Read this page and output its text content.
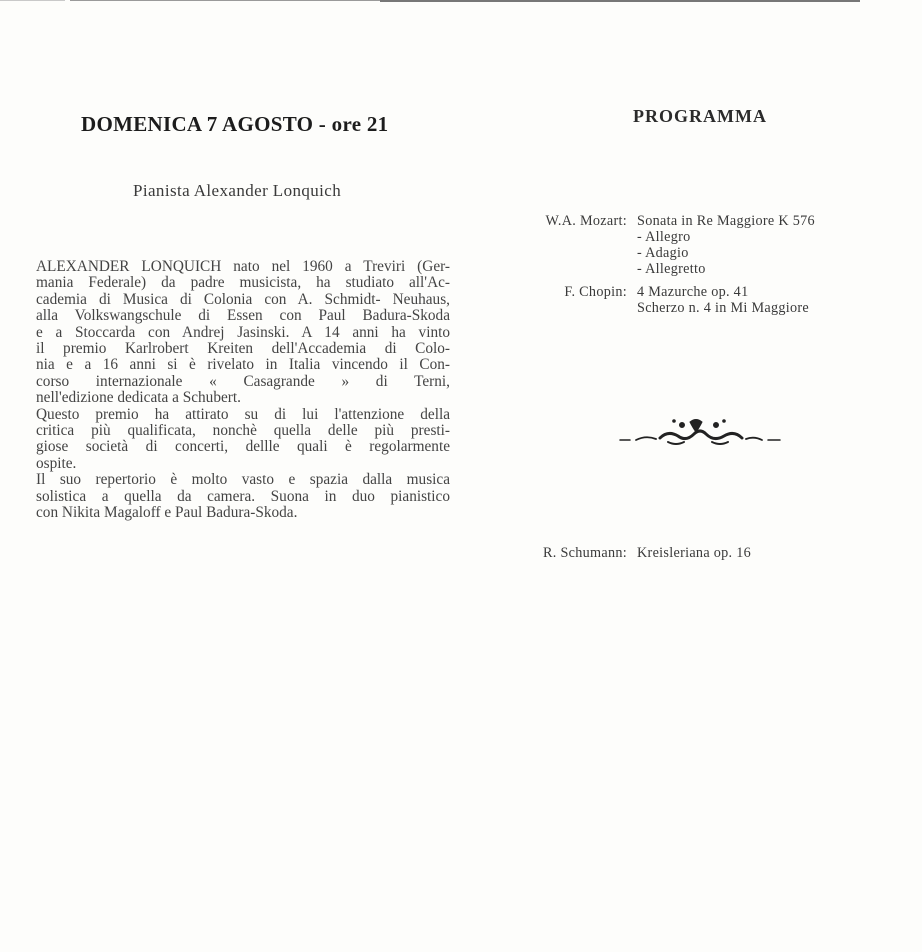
DOMENICA 7 AGOSTO - ore 21	PROGRAMMA
Pianista Alexander Lonquich
ALEXANDER LONQUICH nato nel 1960 a Treviri (Ger-
mania Federale) da padre musicista, ha studiato all'Ac-
cademia di Musica di Colonia con A. Schmidt- Neuhaus,
alla Volkswangschule di Essen con Paul Badura-Skoda
e a Stoccarda con Andrej Jasinski. A 14 anni ha vinto
il premio Karlrobert Kreiten dell'Accademia di Colo-
nia e a 16 anni si è rivelato in Italia vincendo il Con-
corso internazionale « Casagrande » di Terni,
nell'edizione dedicata a Schubert.
Questo premio ha attirato su di lui l'attenzione della
critica più qualificata, nonchè quella delle più presti-
giose società di concerti, dellle quali è regolarmente
ospite.
Il suo repertorio è molto vasto e spazia dalla musica
solistica a quella da camera. Suona in duo pianistico
con Nikita Magaloff e Paul Badura-Skoda.
W.A. Mozart: Sonata in Re Maggiore K 576
- Allegro
- Adagio
- Allegretto
F. Chopin: 4 Mazurche op. 41
Scherzo n. 4 in Mi Maggiore
R. Schumann: Kreisleriana op. 16
